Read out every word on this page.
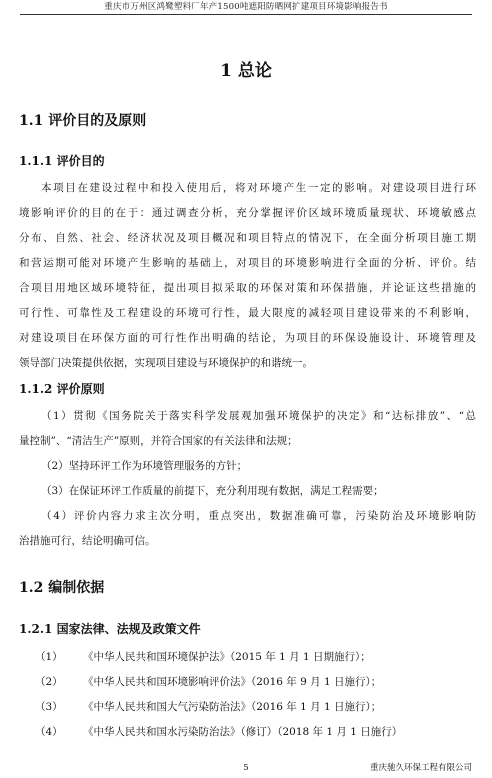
重庆市万州区鸿鹭塑料厂年产1500吨遮阳防晒网扩建项目环境影响报告书
1 总论
1.1 评价目的及原则
1.1.1 评价目的
本项目在建设过程中和投入使用后，将对环境产生一定的影响。对建设项目进行环
境影响评价的目的在于：通过调查分析，充分掌握评价区域环境质量现状、环境敏感点
分布、自然、社会、经济状况及项目概况和项目特点的情况下，在全面分析项目施工期
和营运期可能对环境产生影响的基础上，对项目的环境影响进行全面的分析、评价。结
合项目用地区域环境特征，提出项目拟采取的环保对策和环保措施，并论证这些措施的
可行性、可靠性及工程建设的环境可行性，最大限度的减轻项目建设带来的不利影响，
对建设项目在环保方面的可行性作出明确的结论，为项目的环保设施设计、环境管理及
领导部门决策提供依据，实现项目建设与环境保护的和谐统一。
1.1.2 评价原则
（1）贯彻《国务院关于落实科学发展观加强环境保护的决定》和“达标排放”、“总
量控制”、“清洁生产”原则，并符合国家的有关法律和法规；
（2）坚持环评工作为环境管理服务的方针；
（3）在保证环评工作质量的前提下，充分利用现有数据，满足工程需要；
（4）评价内容力求主次分明，重点突出，数据准确可靠，污染防治及环境影响防
治措施可行，结论明确可信。
1.2 编制依据
1.2.1 国家法律、法规及政策文件
（1） 《中华人民共和国环境保护法》（2015 年 1 月 1 日期施行）；
（2） 《中华人民共和国环境影响评价法》（2016 年 9 月 1 日施行）；
（3） 《中华人民共和国大气污染防治法》（2016 年 1 月 1 日施行）；
（4） 《中华人民共和国水污染防治法》（修订）（2018 年 1 月 1 日施行）
5	重庆驰久环保工程有限公司
